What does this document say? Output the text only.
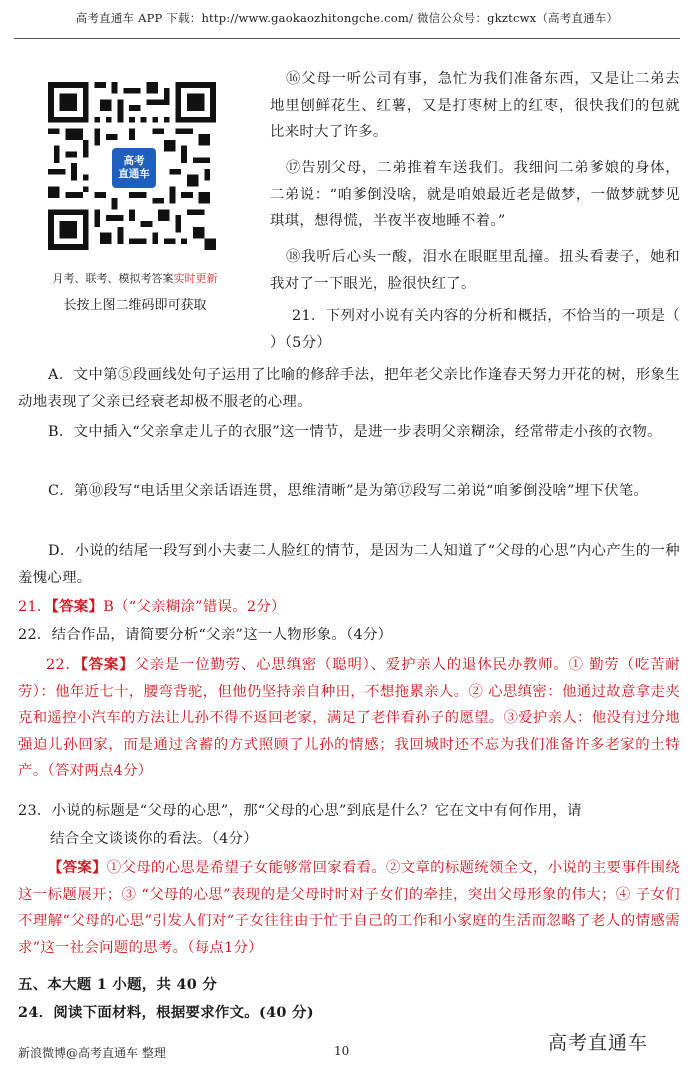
高考直通车 APP 下载：http://www.gaokaozhitongche.com/ 微信公众号：gkztcwx（高考直通车）
高考
直通车
月考、联考、模拟考答案实时更新
长按上图二维码即可获取

⑯父母一听公司有事，急忙为我们准备东西，又是让二弟去地里刨鲜花生、红薯，又是打枣树上的红枣，很快我们的包就比来时大了许多。

⑰告别父母，二弟推着车送我们。我细问二弟爹娘的身体，二弟说：“咱爹倒没啥，就是咱娘最近老是做梦，一做梦就梦见琪琪，想得慌，半夜半夜地睡不着。”

⑱我听后心头一酸，泪水在眼眶里乱撞。扭头看妻子，她和我对了一下眼光，脸很快红了。

21．下列对小说有关内容的分析和概括，不恰当的一项是（ ）（5分）

A．文中第⑤段画线处句子运用了比喻的修辞手法，把年老父亲比作逢春天努力开花的树，形象生动地表现了父亲已经衰老却极不服老的心理。

B．文中插入“父亲拿走儿子的衣服”这一情节，是进一步表明父亲糊涂，经常带走小孩的衣物。

C．第⑩段写“电话里父亲话语连贯，思维清晰”是为第⑰段写二弟说“咱爹倒没啥”埋下伏笔。

D．小说的结尾一段写到小夫妻二人脸红的情节，是因为二人知道了“父母的心思”内心产生的一种羞愧心理。

21．【答案】B（“父亲糊涂”错误。2分）

22．结合作品，请简要分析“父亲”这一人物形象。（4分）

22．【答案】父亲是一位勤劳、心思缜密（聪明）、爱护亲人的退休民办教师。① 勤劳（吃苦耐劳）：他年近七十，腰弯背驼，但他仍坚持亲自种田，不想拖累亲人。② 心思缜密：他通过故意拿走夹克和遥控小汽车的方法让儿孙不得不返回老家，满足了老伴看孙子的愿望。③爱护亲人：他没有过分地强迫儿孙回家，而是通过含蓄的方式照顾了儿孙的情感；我回城时还不忘为我们准备许多老家的土特产。（答对两点4分）

23．小说的标题是“父母的心思”，那“父母的心思”到底是什么？它在文中有何作用，请

结合全文谈谈你的看法。（4分）

【答案】①父母的心思是希望子女能够常回家看看。②文章的标题统领全文，小说的主要事件围绕这一标题展开；③ “父母的心思”表现的是父母时时对子女们的牵挂，突出父母形象的伟大；④ 子女们不理解“父母的心思”引发人们对“子女往往由于忙于自己的工作和小家庭的生活而忽略了老人的情感需求”这一社会问题的思考。（每点1分）

五、本大题 1 小题，共 40 分

24．阅读下面材料，根据要求作文。(40 分)

新浪微博@高考直通车 整理	10	高考直通车
